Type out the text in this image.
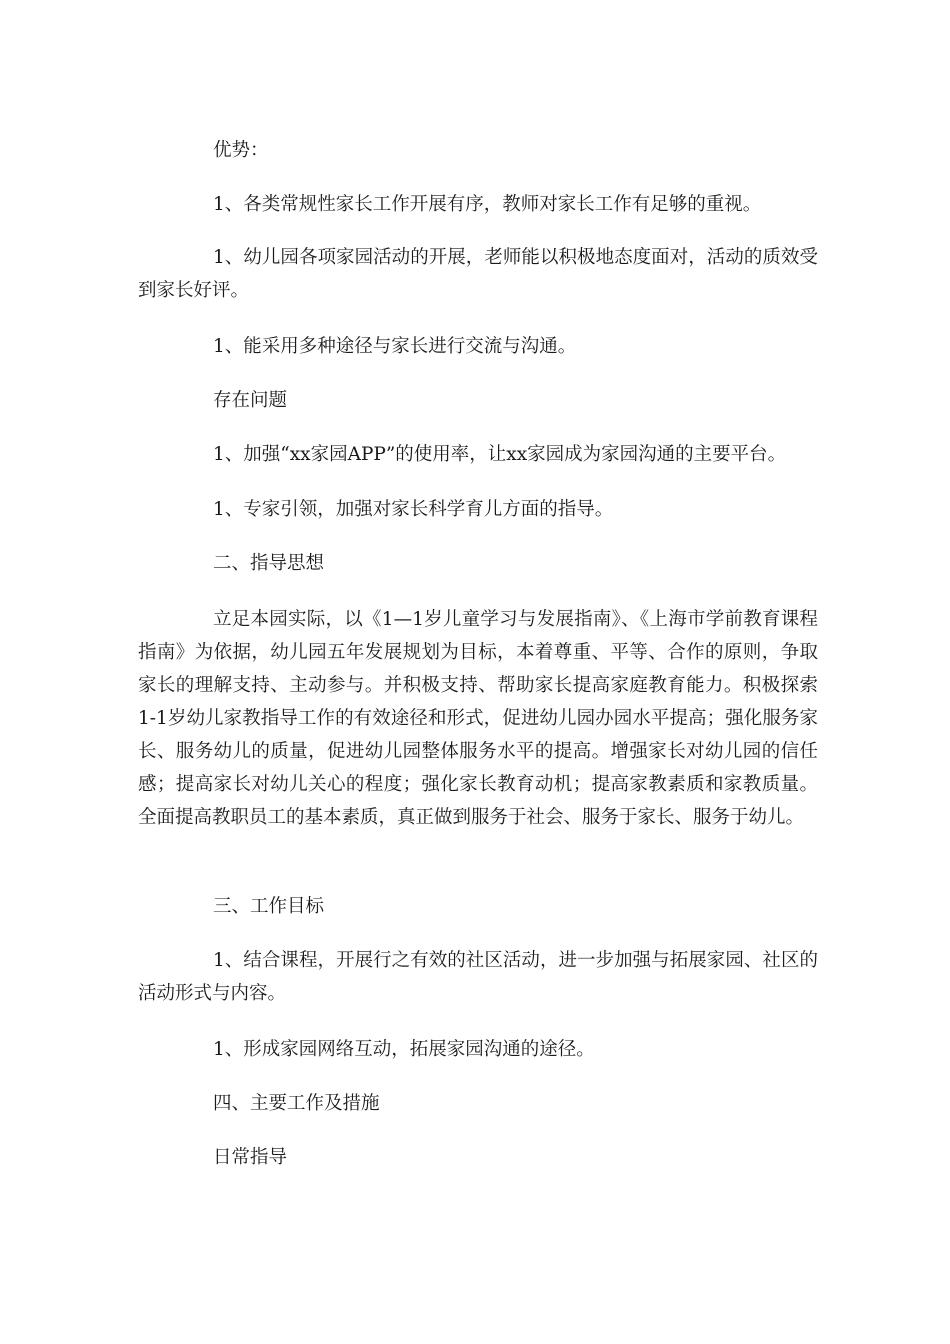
优势：

1、各类常规性家长工作开展有序，教师对家长工作有足够的重视。

1、幼儿园各项家园活动的开展，老师能以积极地态度面对，活动的质效受到家长好评。

1、能采用多种途径与家长进行交流与沟通。

存在问题

1、加强“xx家园APP”的使用率，让xx家园成为家园沟通的主要平台。

1、专家引领，加强对家长科学育儿方面的指导。

二、指导思想

立足本园实际，以《1—1岁儿童学习与发展指南》、《上海市学前教育课程指南》为依据，幼儿园五年发展规划为目标，本着尊重、平等、合作的原则，争取家长的理解支持、主动参与。并积极支持、帮助家长提高家庭教育能力。积极探索1-1岁幼儿家教指导工作的有效途径和形式，促进幼儿园办园水平提高；强化服务家长、服务幼儿的质量，促进幼儿园整体服务水平的提高。增强家长对幼儿园的信任感；提高家长对幼儿关心的程度；强化家长教育动机；提高家教素质和家教质量。全面提高教职员工的基本素质，真正做到服务于社会、服务于家长、服务于幼儿。

三、工作目标

1、结合课程，开展行之有效的社区活动，进一步加强与拓展家园、社区的活动形式与内容。

1、形成家园网络互动，拓展家园沟通的途径。

四、主要工作及措施

日常指导
